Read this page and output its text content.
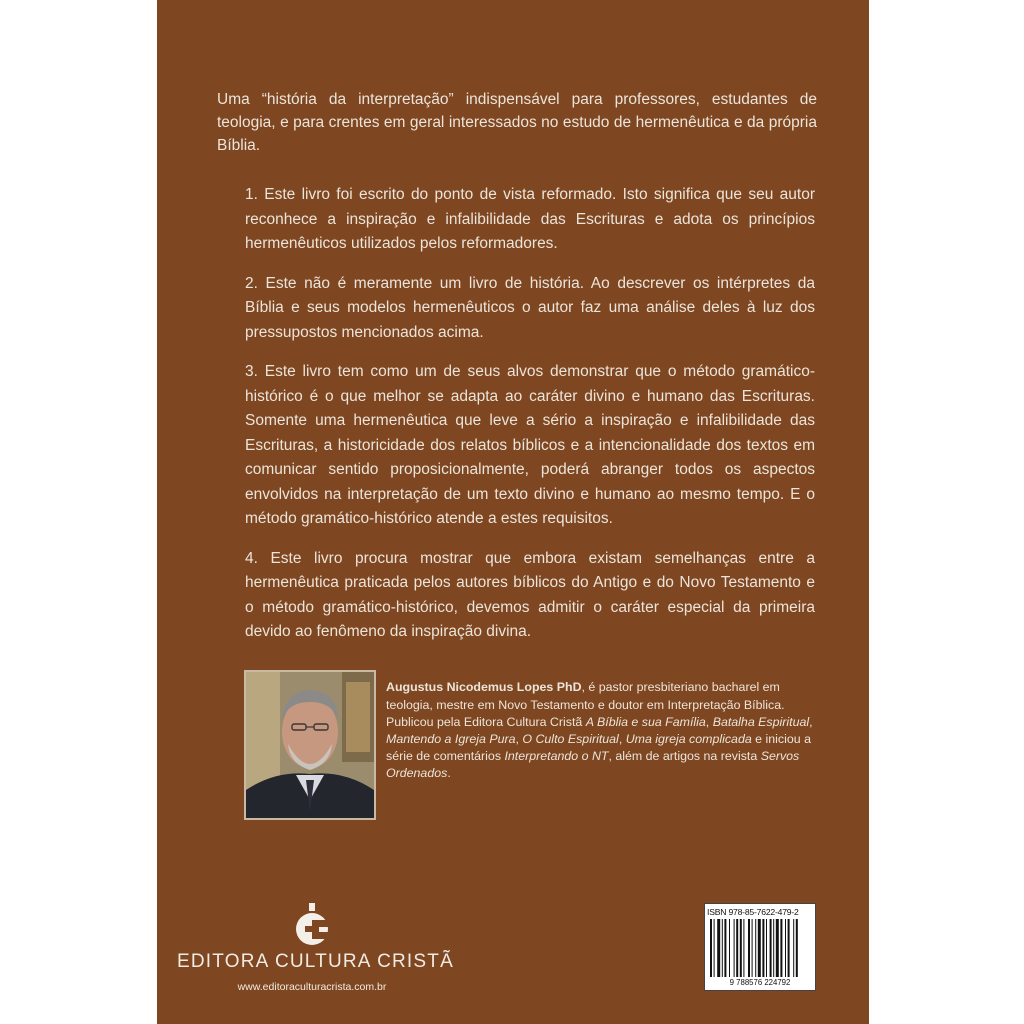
Uma “história da interpretação” indispensável para professores, estudantes de teologia, e para crentes em geral interessados no estudo de hermenêutica e da própria Bíblia.

1. Este livro foi escrito do ponto de vista reformado. Isto significa que seu autor reconhece a inspiração e infalibilidade das Escrituras e adota os princípios hermenêuticos utilizados pelos reformadores.

2. Este não é meramente um livro de história. Ao descrever os intérpretes da Bíblia e seus modelos hermenêuticos o autor faz uma análise deles à luz dos pressupostos mencionados acima.

3. Este livro tem como um de seus alvos demonstrar que o método gramático-histórico é o que melhor se adapta ao caráter divino e humano das Escrituras. Somente uma hermenêutica que leve a sério a inspiração e infalibilidade das Escrituras, a historicidade dos relatos bíblicos e a intencionalidade dos textos em comunicar sentido proposicionalmente, poderá abranger todos os aspectos envolvidos na interpretação de um texto divino e humano ao mesmo tempo. E o método gramático-histórico atende a estes requisitos.

4. Este livro procura mostrar que embora existam semelhanças entre a hermenêutica praticada pelos autores bíblicos do Antigo e do Novo Testamento e o método gramático-histórico, devemos admitir o caráter especial da primeira devido ao fenômeno da inspiração divina.

Augustus Nicodemus Lopes PhD, é pastor presbiteriano bacharel em teologia, mestre em Novo Testamento e doutor em Interpretação Bíblica. Publicou pela Editora Cultura Cristã A Bíblia e sua Família, Batalha Espiritual, Mantendo a Igreja Pura, O Culto Espiritual, Uma igreja complicada e iniciou a série de comentários Interpretando o NT, além de artigos na revista Servos Ordenados.

EDITORA CULTURA CRISTÃ
www.editoraculturacrista.com.br
ISBN 978-85-7622-479-2
9 788576 224792
